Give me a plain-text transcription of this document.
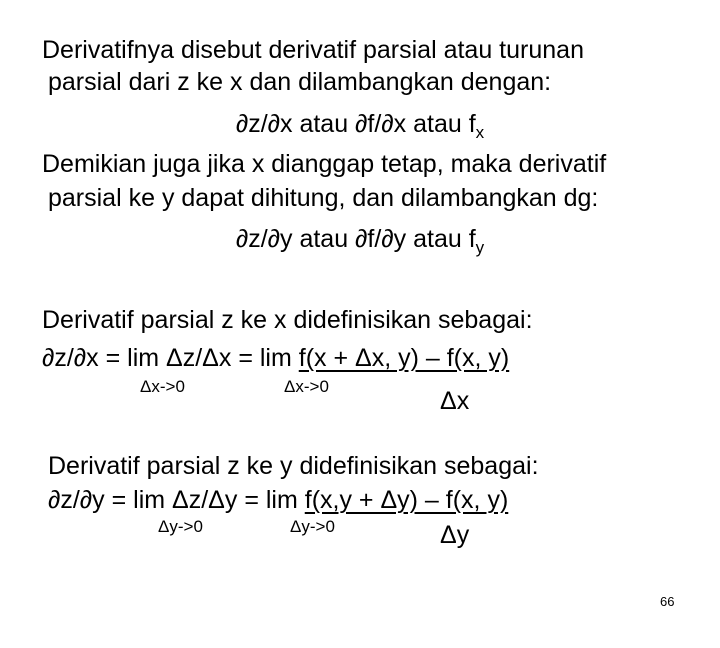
Derivatifnya disebut derivatif parsial atau turunan
parsial dari z ke x dan dilambangkan dengan:
∂z/∂x atau ∂f/∂x atau $f_x$
Demikian juga jika x dianggap tetap, maka derivatif
parsial ke y dapat dihitung, dan dilambangkan dg:
∂z/∂y atau ∂f/∂y atau $f_y$
Derivatif parsial z ke x didefinisikan sebagai:
∂z/∂x = lim Δz/Δx = lim f(x + Δx, y) – f(x, y)
Δx->0	Δx->0
Δx
Derivatif parsial z ke y didefinisikan sebagai:
∂z/∂y = lim Δz/Δy = lim f(x,y + Δy) – f(x, y)
Δy->0	Δy->0	Δy
66
